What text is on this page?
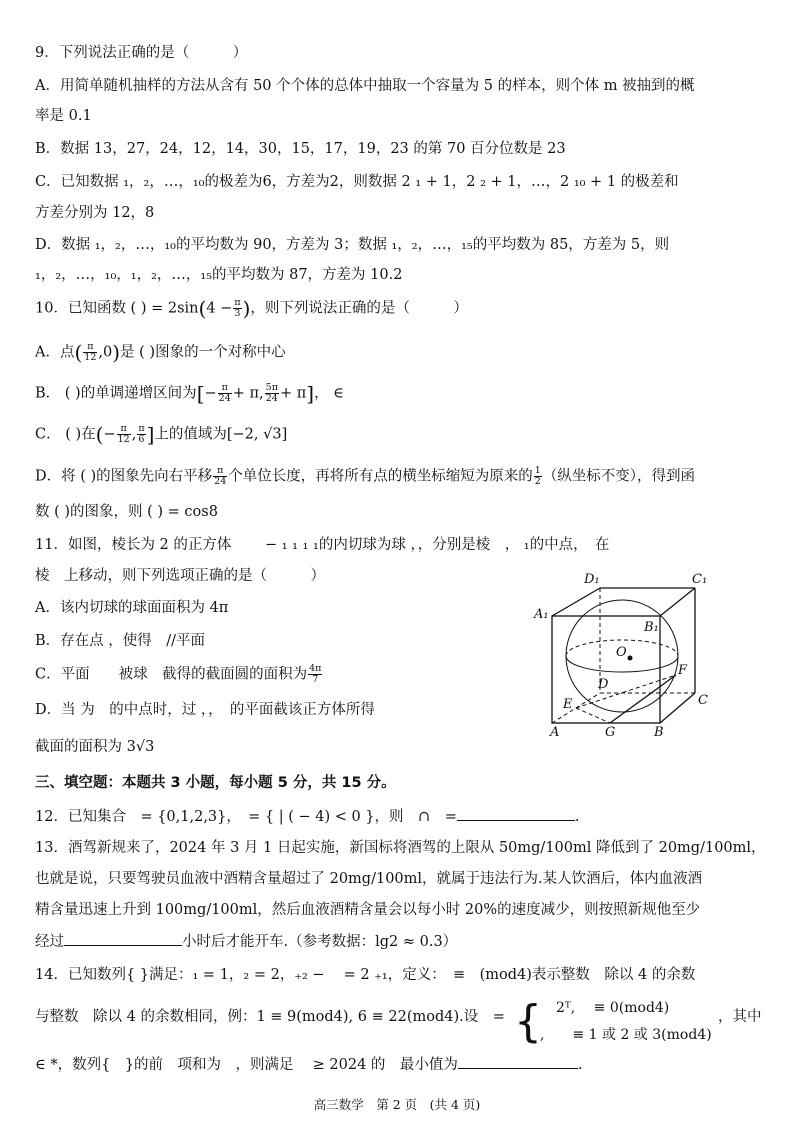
9．下列说法正确的是（　　　）
A．用简单随机抽样的方法从含有 50 个个体的总体中抽取一个容量为 5 的样本，则个体 m 被抽到的概
率是 0.1
B．数据 13，27，24，12，14，30，15，17，19，23 的第 70 百分位数是 23
C．已知数据 ₁，₂，…，₁₀的极差为6，方差为2，则数据 2 ₁ + 1，2 ₂ + 1，…，2 ₁₀ + 1 的极差和
方差分别为 12，8
D．数据 ₁，₂，…，₁₀的平均数为 90，方差为 3；数据 ₁，₂，…，₁₅的平均数为 85，方差为 5，则
₁，₂，…，₁₀，₁，₂，…，₁₅的平均数为 87，方差为 10.2
10．已知函数 ( ) = $2\sin(4 - \frac{\pi}{3}$ )，则下列说法正确的是（　　　）
A．点( $\frac{\pi}{12} ,0$)是 ( )图象的一个对称中心
B． ( )的单调递增区间为[− $\frac{\pi}{24} + \pi$, $\frac{5\pi}{24} + \pi$]， ∈
C． ( )在(− $\frac{\pi}{12}$ , $\frac{\pi}{6}$ ]上的值域为[−2, √3]
D．将 ( )的图象先向右平移 $\frac{\pi}{24}$ 个单位长度，再将所有点的横坐标缩短为原来的 $\frac{1}{2}$ （纵坐标不变），得到函
数 ( )的图象，则 ( ) = cos8
11．如图，棱长为 2 的正方体　　 − ₁ ₁ ₁ ₁的内切球为球 ，，分别是棱　， ₁的中点，　在
棱　上移动，则下列选项正确的是（　　　）
A．该内切球的球面面积为 4π
B．存在点 ，使得　//平面
C．平面　　被球　截得的截面圆的面积为 $\frac{4\pi}{7}$
D．当 为　的中点时，过 ，，　的平面截该正方体所得
截面的面积为 3√3
D₁	C₁
A₁
B₁
O
D
F
C
E
A	G	B
三、填空题：本题共 3 小题，每小题 5 分，共 15 分。
12．已知集合　= {0,1,2,3}，　= { | ( − 4) < 0 }，则　∩　=	.
13．酒驾新规来了，2024 年 3 月 1 日起实施，新国标将酒驾的上限从 50mg/100ml 降低到了 20mg/100ml，
也就是说，只要驾驶员血液中酒精含量超过了 20mg/100ml，就属于违法行为.某人饮酒后，体内血液酒
精含量迅速上升到 100mg/100ml，然后血液酒精含量会以每小时 20%的速度减少，则按照新规他至少
经过	小时后才能开车.（参考数据：lg2 ≈ 0.3）
14．已知数列{ }满足：₁ = 1，₂ = 2，₊₂ − 　= 2 ₊₁，定义：　≡　(mod4)表示整数　除以 4 的余数
与整数　除以 4 的余数相同，例：1 ≡ 9(mod4), 6 ≡ 22(mod4).设　= { 2ᵀ,　 ≡ 0(mod4)
,　　≡ 1 或 2 或 3(mod4)
，其中
∈ *，数列{　}的前　项和为　，则满足　 ≥ 2024 的　最小值为	.
高三数学　第 2 页　(共 4 页)
